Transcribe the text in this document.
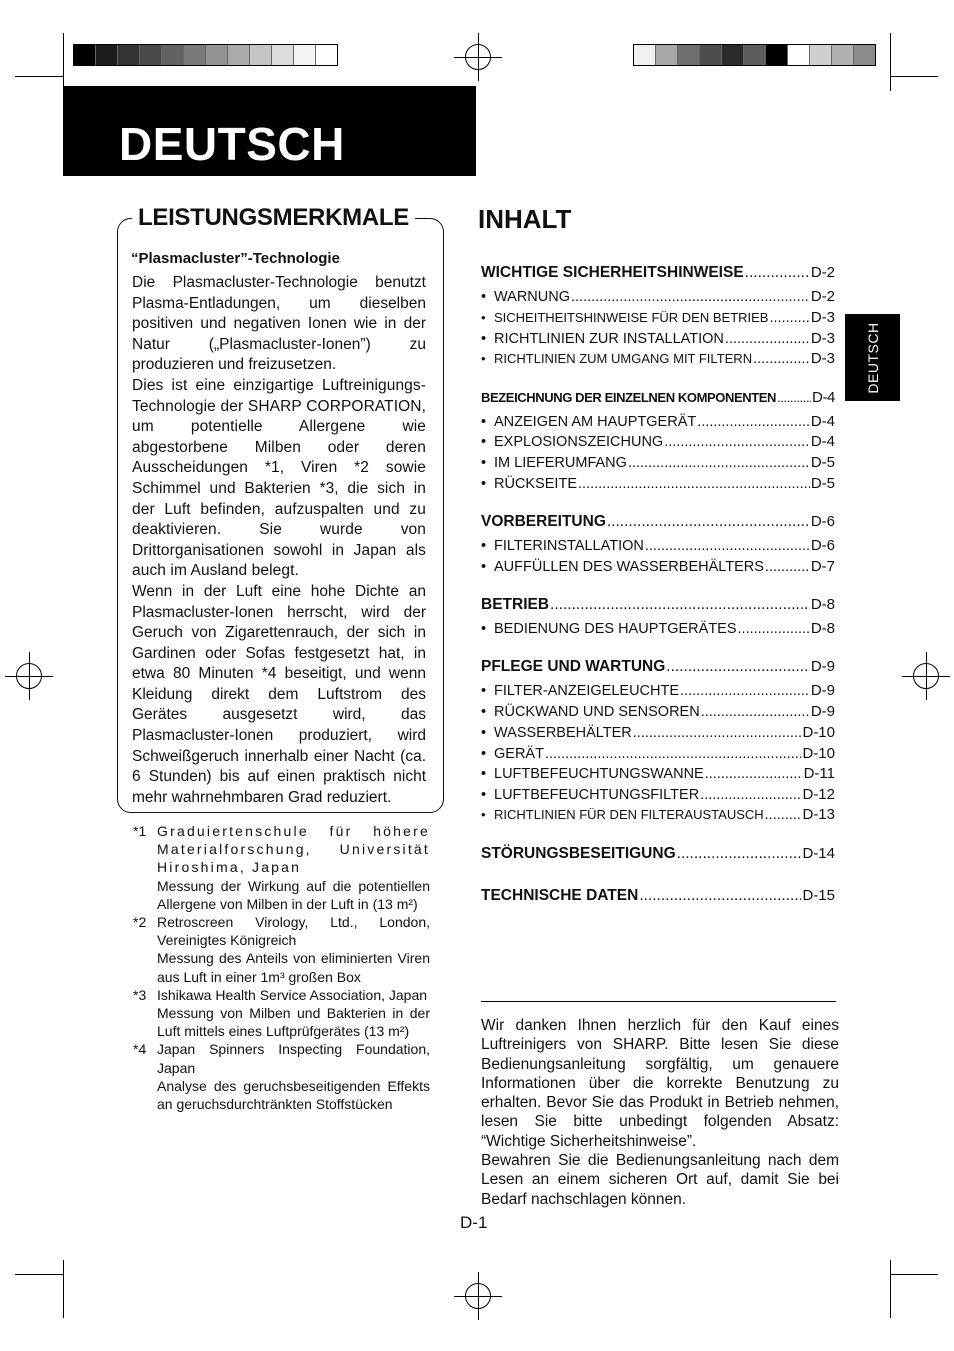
DEUTSCH
LEISTUNGSMERKMALE
“Plasmacluster”-Technologie

Die Plasmacluster-Technologie benutzt Plasma-Entladungen, um dieselben positiven und negativen Ionen wie in der Natur („Plasmacluster-Ionen”) zu produzieren und freizusetzen.

Dies ist eine einzigartige Luftreinigungs-Technologie der SHARP CORPORATION, um potentielle Allergene wie abgestorbene Milben oder deren Ausscheidungen *1, Viren *2 sowie Schimmel und Bakterien *3, die sich in der Luft befinden, aufzuspalten und zu deaktivieren. Sie wurde von Drittorganisationen sowohl in Japan als auch im Ausland belegt.

Wenn in der Luft eine hohe Dichte an Plasmacluster-Ionen herrscht, wird der Geruch von Zigarettenrauch, der sich in Gardinen oder Sofas festgesetzt hat, in etwa 80 Minuten *4 beseitigt, und wenn Kleidung direkt dem Luftstrom des Gerätes ausgesetzt wird, das Plasmacluster-Ionen produziert, wird Schweißgeruch innerhalb einer Nacht (ca. 6 Stunden) bis auf einen praktisch nicht mehr wahrnehmbaren Grad reduziert.

*1 Graduiertenschule für höhere Materialforschung, Universität Hiroshima, Japan

Messung der Wirkung auf die potentiellen Allergene von Milben in der Luft in (13 m²)

*2 Retroscreen Virology, Ltd., London, Vereinigtes Königreich

Messung des Anteils von eliminierten Viren aus Luft in einer 1m³ großen Box

*3 Ishikawa Health Service Association, Japan

Messung von Milben und Bakterien in der Luft mittels eines Luftprüfgerätes (13 m²)

*4 Japan Spinners Inspecting Foundation, Japan

Analyse des geruchsbeseitigenden Effekts an geruchsdurchtränkten Stoffstücken

INHALT
WICHTIGE SICHERHEITSHINWEISE .....	D-2
• WARNUNG .....	D-2
• SICHEITHEITSHINWEISE FÜR DEN BETRIEB .....	D-3
• RICHTLINIEN ZUR INSTALLATION .....	D-3
• RICHTLINIEN ZUM UMGANG MIT FILTERN .....	D-3
BEZEICHNUNG DER EINZELNEN KOMPONENTEN ..... D-4
• ANZEIGEN AM HAUPTGERÄT .....	D-4
• EXPLOSIONSZEICHUNG .....	D-4
• IM LIEFERUMFANG .....	D-5
• RÜCKSEITE .....	D-5
VORBEREITUNG .....	D-6
• FILTERINSTALLATION .....	D-6
• AUFFÜLLEN DES WASSERBEHÄLTERS .....	D-7
BETRIEB .....	D-8
• BEDIENUNG DES HAUPTGERÄTES .....	D-8
PFLEGE UND WARTUNG .....	D-9
• FILTER-ANZEIGELEUCHTE .....	D-9
• RÜCKWAND UND SENSOREN .....	D-9
• WASSERBEHÄLTER .....	D-10
• GERÄT .....	D-10
• LUFTBEFEUCHTUNGSWANNE .....	D-11
• LUFTBEFEUCHTUNGSFILTER .....	D-12
• RICHTLINIEN FÜR DEN FILTERAUSTAUSCH .....	D-13
STÖRUNGSBESEITIGUNG .....	D-14
TECHNISCHE DATEN .....	D-15
DEUTSCH

Wir danken Ihnen herzlich für den Kauf eines Luftreinigers von SHARP. Bitte lesen Sie diese Bedienungsanleitung sorgfältig, um genauere Informationen über die korrekte Benutzung zu erhalten. Bevor Sie das Produkt in Betrieb nehmen, lesen Sie bitte unbedingt folgenden Absatz: “Wichtige Sicherheitshinweise”.

Bewahren Sie die Bedienungsanleitung nach dem Lesen an einem sicheren Ort auf, damit Sie bei Bedarf nachschlagen können.

D-1
